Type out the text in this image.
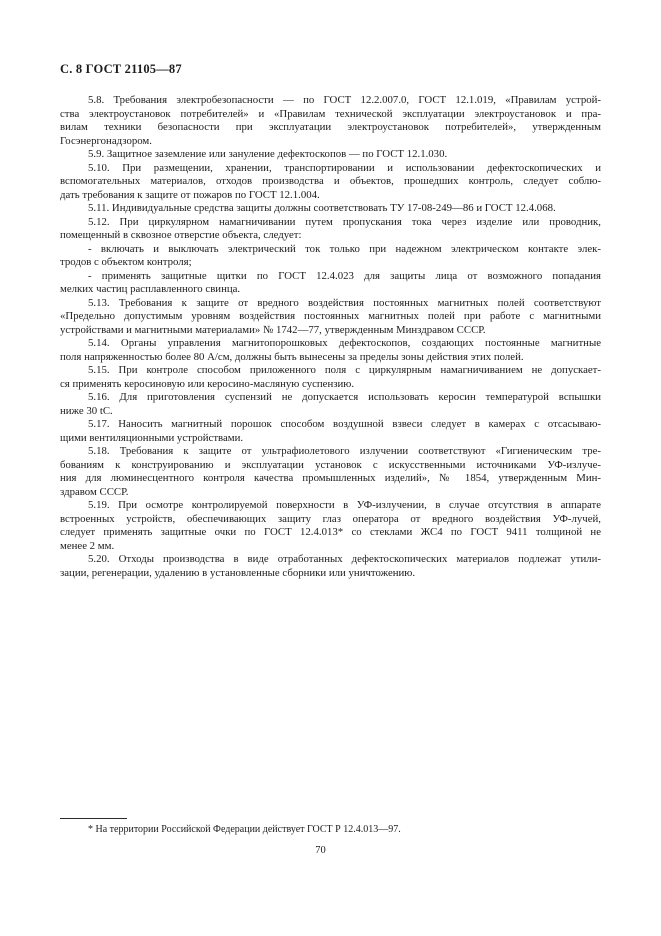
С. 8 ГОСТ 21105—87
5.8. Требования электробезопасности — по ГОСТ 12.2.007.0, ГОСТ 12.1.019, «Правилам устрой-
ства электроустановок потребителей» и «Правилам технической эксплуатации электроустановок и пра-
вилам техники безопасности при эксплуатации электроустановок потребителей», утвержденным
Госэнергонадзором.
5.9. Защитное заземление или зануление дефектоскопов — по ГОСТ 12.1.030.
5.10. При размещении, хранении, транспортировании и использовании дефектоскопических и
вспомогательных материалов, отходов производства и объектов, прошедших контроль, следует соблю-
дать требования к защите от пожаров по ГОСТ 12.1.004.
5.11. Индивидуальные средства защиты должны соответствовать ТУ 17-08-249—86 и ГОСТ 12.4.068.
5.12. При циркулярном намагничивании путем пропускания тока через изделие или проводник,
помещенный в сквозное отверстие объекта, следует:
- включать и выключать электрический ток только при надежном электрическом контакте элек-
тродов с объектом контроля;
- применять защитные щитки по ГОСТ 12.4.023 для защиты лица от возможного попадания
мелких частиц расплавленного свинца.
5.13. Требования к защите от вредного воздействия постоянных магнитных полей соответствуют
«Предельно допустимым уровням воздействия постоянных магнитных полей при работе с магнитными
устройствами и магнитными материалами» № 1742—77, утвержденным Минздравом СССР.
5.14. Органы управления магнитопорошковых дефектоскопов, создающих постоянные магнитные
поля напряженностью более 80 А/см, должны быть вынесены за пределы зоны действия этих полей.
5.15. При контроле способом приложенного поля с циркулярным намагничиванием не допускает-
ся применять керосиновую или керосино-масляную суспензию.
5.16. Для приготовления суспензий не допускается использовать керосин температурой вспышки
ниже 30 tС.
5.17. Наносить магнитный порошок способом воздушной взвеси следует в камерах с отсасываю-
щими вентиляционными устройствами.
5.18. Требования к защите от ультрафиолетового излучении соответствуют «Гигиеническим тре-
бованиям к конструированию и эксплуатации установок с искусственными источниками УФ-излуче-
ния для люминесцентного контроля качества промышленных изделий», № 1854, утвержденным Мин-
здравом СССР.
5.19. При осмотре контролируемой поверхности в УФ-излучении, в случае отсутствия в аппарате
встроенных устройств, обеспечивающих защиту глаз оператора от вредного воздействия УФ-лучей,
следует применять защитные очки по ГОСТ 12.4.013* со стеклами ЖС4 по ГОСТ 9411 толщиной не
менее 2 мм.
5.20. Отходы производства в виде отработанных дефектоскопических материалов подлежат утили-
зации, регенерации, удалению в установленные сборники или уничтожению.
* На территории Российской Федерации действует ГОСТ Р 12.4.013—97.
70
